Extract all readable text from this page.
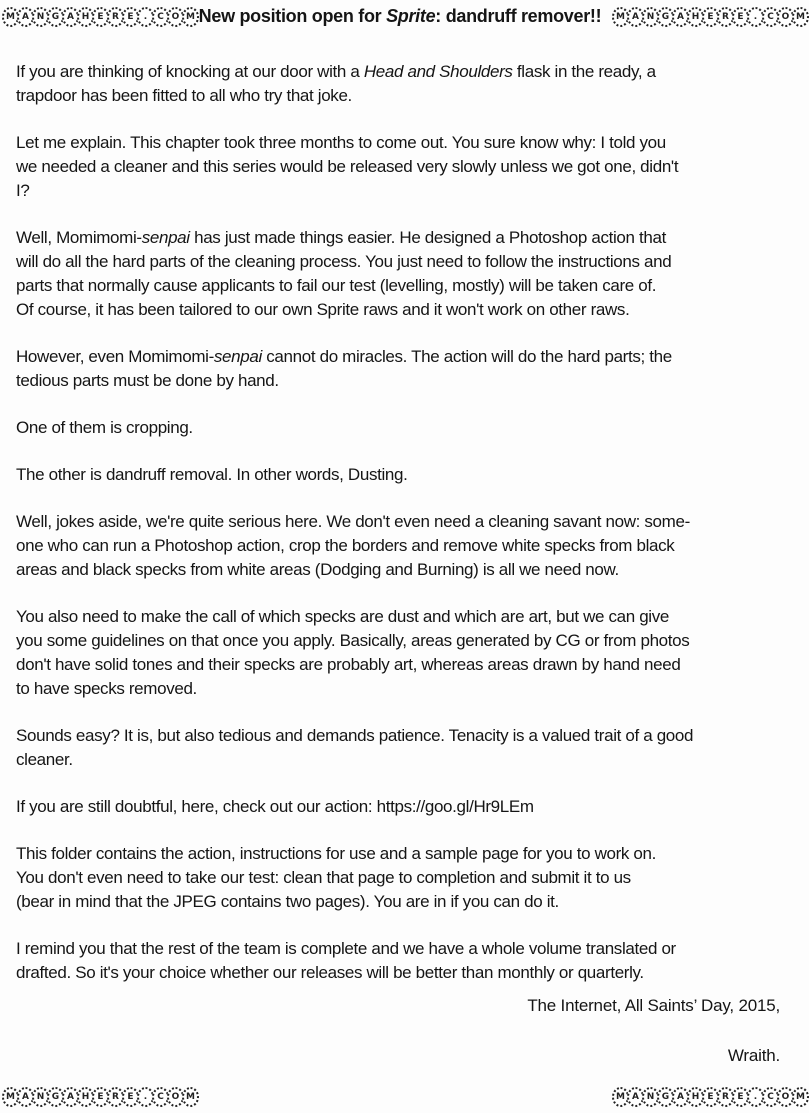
M A N G A H E R E	.	C O M	M A N G A H E R E	.	C O M
M A N G A H E R E	.	C O M	M A N G A H E R E	.	C O M
New position open for Sprite: dandruff remover!!
If you are thinking of knocking at our door with a Head and Shoulders flask in the ready, a
trapdoor has been fitted to all who try that joke.
Let me explain. This chapter took three months to come out. You sure know why: I told you
we needed a cleaner and this series would be released very slowly unless we got one, didn't
I?
Well, Momimomi-senpai has just made things easier. He designed a Photoshop action that
will do all the hard parts of the cleaning process. You just need to follow the instructions and
parts that normally cause applicants to fail our test (levelling, mostly) will be taken care of.
Of course, it has been tailored to our own Sprite raws and it won't work on other raws.
However, even Momimomi-senpai cannot do miracles. The action will do the hard parts; the
tedious parts must be done by hand.
One of them is cropping.
The other is dandruff removal. In other words, Dusting.
Well, jokes aside, we're quite serious here. We don't even need a cleaning savant now: some-
one who can run a Photoshop action, crop the borders and remove white specks from black
areas and black specks from white areas (Dodging and Burning) is all we need now.
You also need to make the call of which specks are dust and which are art, but we can give
you some guidelines on that once you apply. Basically, areas generated by CG or from photos
don't have solid tones and their specks are probably art, whereas areas drawn by hand need
to have specks removed.
Sounds easy? It is, but also tedious and demands patience. Tenacity is a valued trait of a good
cleaner.
If you are still doubtful, here, check out our action: https://goo.gl/Hr9LEm
This folder contains the action, instructions for use and a sample page for you to work on.
You don't even need to take our test: clean that page to completion and submit it to us
(bear in mind that the JPEG contains two pages). You are in if you can do it.
I remind you that the rest of the team is complete and we have a whole volume translated or
drafted. So it's your choice whether our releases will be better than monthly or quarterly.
The Internet, All Saints’ Day, 2015,
Wraith.
